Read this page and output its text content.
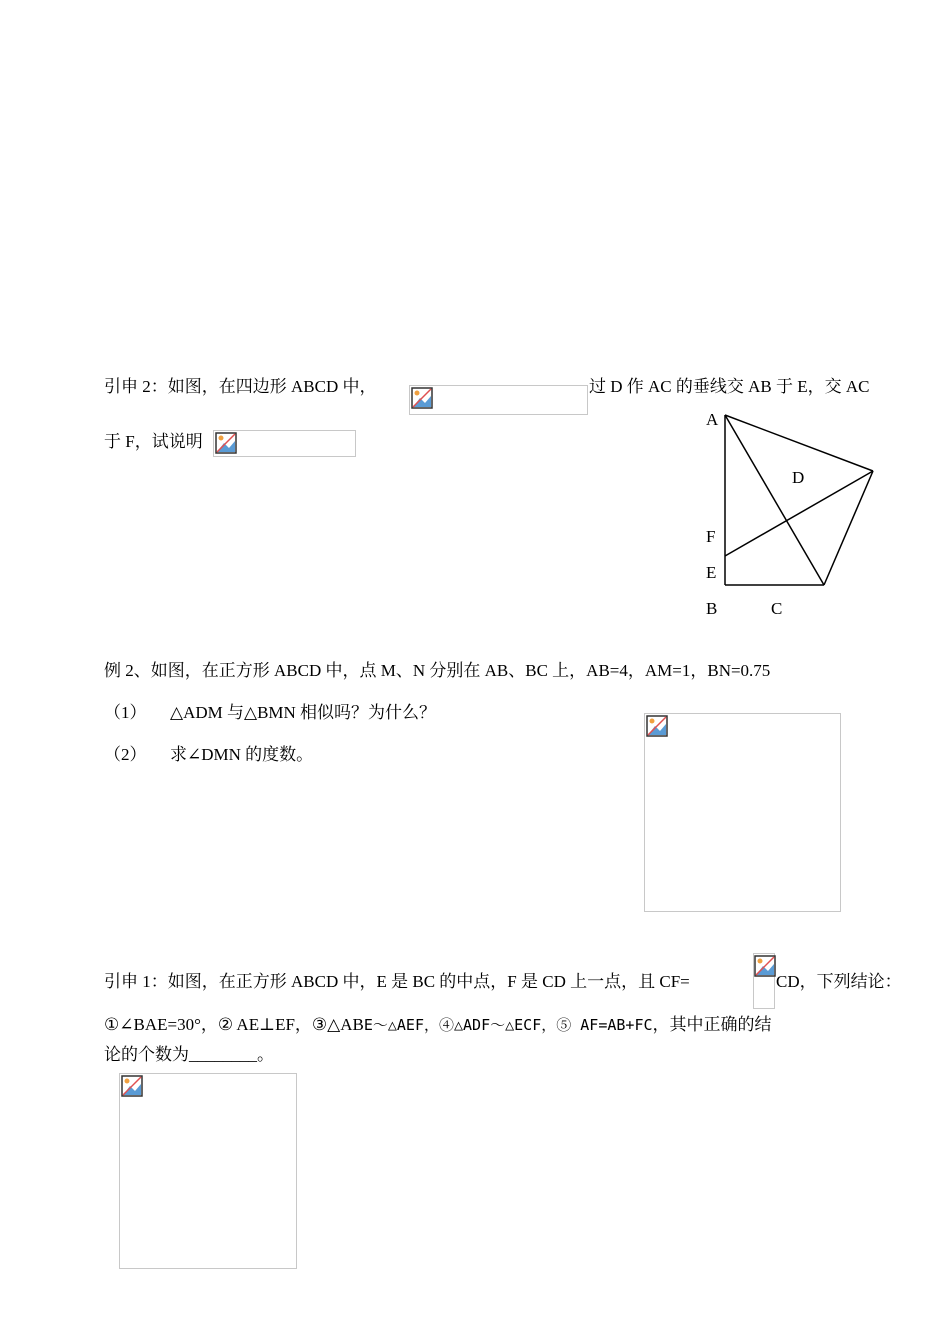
引申 2：如图，在四边形 ABCD 中，	过 D 作 AC 的垂线交 AB 于 E，交 AC
于 F，试说明
A
D
F
E
B	C
例 2、如图，在正方形 ABCD 中，点 M、N 分别在 AB、BC 上，AB=4，AM=1，BN=0.75
（1） △ADM 与△BMN 相似吗？为什么？
（2） 求∠DMN 的度数。
引申 1：如图，在正方形 ABCD 中，E 是 BC 的中点，F 是 CD 上一点，且 CF=	CD，下列结论：
①∠BAE=30°，② AE⊥EF，③△ABE～△AEF，④△ADF～△ECF，⑤ AF=AB+FC，其中正确的结
论的个数为________。
